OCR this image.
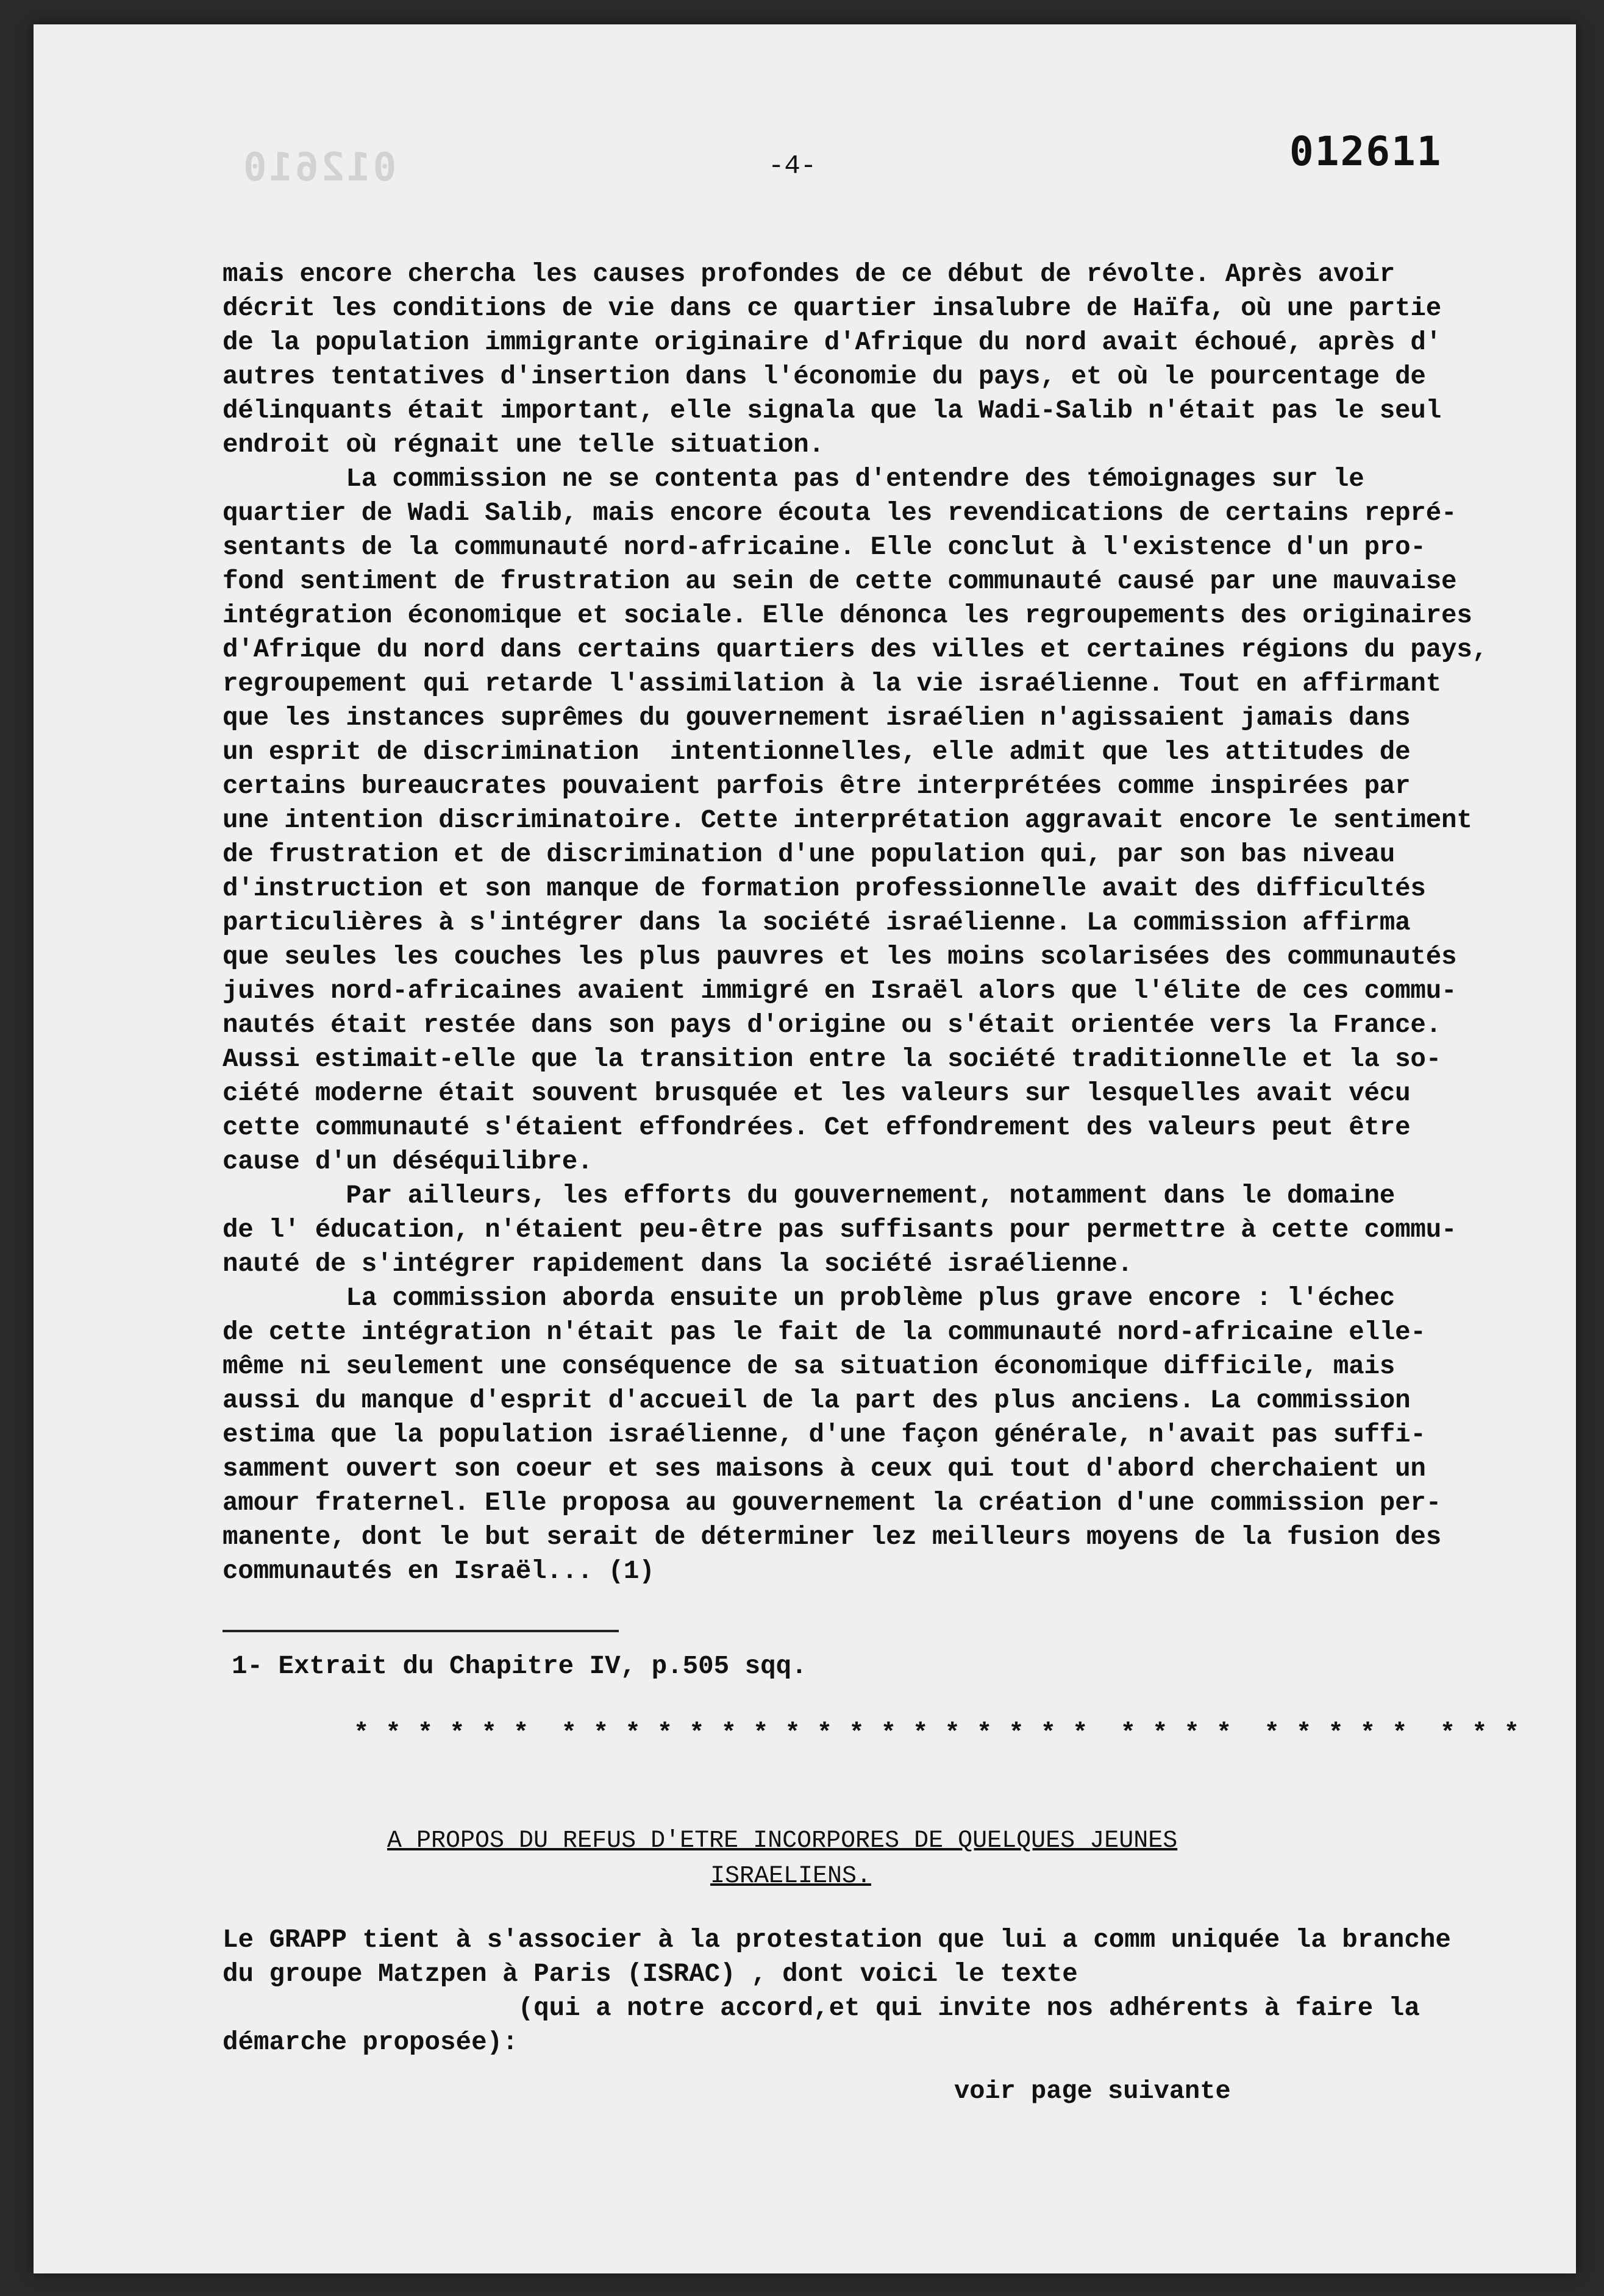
012610	-4-	012611
mais encore chercha les causes profondes de ce début de révolte. Après avoir
décrit les conditions de vie dans ce quartier insalubre de Haïfa, où une partie
de la population immigrante originaire d'Afrique du nord avait échoué, après d'
autres tentatives d'insertion dans l'économie du pays, et où le pourcentage de
délinquants était important, elle signala que la Wadi-Salib n'était pas le seul
endroit où régnait une telle situation.
La commission ne se contenta pas d'entendre des témoignages sur le
quartier de Wadi Salib, mais encore écouta les revendications de certains repré-
sentants de la communauté nord-africaine. Elle conclut à l'existence d'un pro-
fond sentiment de frustration au sein de cette communauté causé par une mauvaise
intégration économique et sociale. Elle dénonca les regroupements des originaires
d'Afrique du nord dans certains quartiers des villes et certaines régions du pays,
regroupement qui retarde l'assimilation à la vie israélienne. Tout en affirmant
que les instances suprêmes du gouvernement israélien n'agissaient jamais dans
un esprit de discrimination  intentionnelles, elle admit que les attitudes de
certains bureaucrates pouvaient parfois être interprétées comme inspirées par
une intention discriminatoire. Cette interprétation aggravait encore le sentiment
de frustration et de discrimination d'une population qui, par son bas niveau
d'instruction et son manque de formation professionnelle avait des difficultés
particulières à s'intégrer dans la société israélienne. La commission affirma
que seules les couches les plus pauvres et les moins scolarisées des communautés
juives nord-africaines avaient immigré en Israël alors que l'élite de ces commu-
nautés était restée dans son pays d'origine ou s'était orientée vers la France.
Aussi estimait-elle que la transition entre la société traditionnelle et la so-
ciété moderne était souvent brusquée et les valeurs sur lesquelles avait vécu
cette communauté s'étaient effondrées. Cet effondrement des valeurs peut être
cause d'un déséquilibre.
Par ailleurs, les efforts du gouvernement, notamment dans le domaine
de l' éducation, n'étaient peu-être pas suffisants pour permettre à cette commu-
nauté de s'intégrer rapidement dans la société israélienne.
La commission aborda ensuite un problème plus grave encore : l'échec
de cette intégration n'était pas le fait de la communauté nord-africaine elle-
même ni seulement une conséquence de sa situation économique difficile, mais
aussi du manque d'esprit d'accueil de la part des plus anciens. La commission
estima que la population israélienne, d'une façon générale, n'avait pas suffi-
samment ouvert son coeur et ses maisons à ceux qui tout d'abord cherchaient un
amour fraternel. Elle proposa au gouvernement la création d'une commission per-
manente, dont le but serait de déterminer lez meilleurs moyens de la fusion des
communautés en Israël... (1)
1- Extrait du Chapitre IV, p.505 sqq.
* * * * * *  * * * * * * * * * * * * * * * * *  * * * *  * * * * *  * * *
A PROPOS DU REFUS D'ETRE INCORPORES DE QUELQUES JEUNES
ISRAELIENS.
Le GRAPP tient à s'associer à la protestation que lui a comm uniquée la branche
du groupe Matzpen à Paris (ISRAC) , dont voici le texte
(qui a notre accord,et qui invite nos adhérents à faire la
démarche proposée):
voir page suivante
